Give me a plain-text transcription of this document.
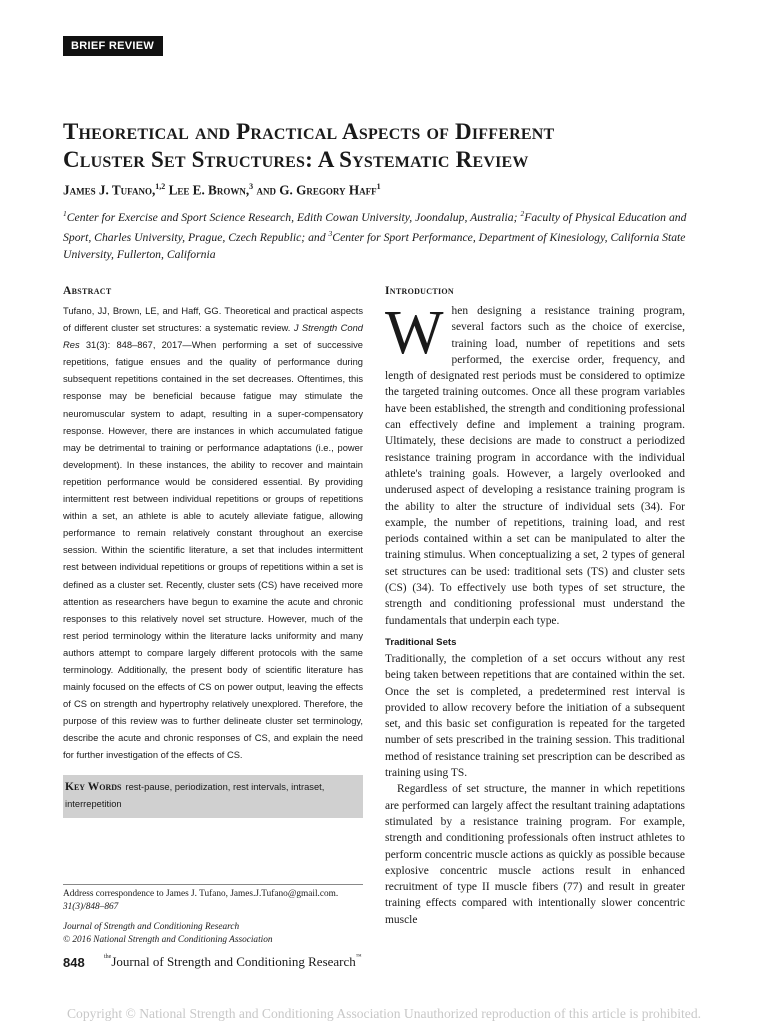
BRIEF REVIEW
Theoretical and Practical Aspects of Different
Cluster Set Structures: A Systematic Review
James J. Tufano,$^{1,2}$ Lee E. Brown,$^3$ and G. Gregory Haff$^1$
$^1$Center for Exercise and Sport Science Research, Edith Cowan University, Joondalup, Australia; $^2$Faculty of Physical Education and Sport, Charles University, Prague, Czech Republic; and $^3$Center for Sport Performance, Department of Kinesiology, California State University, Fullerton, California
Abstract

Tufano, JJ, Brown, LE, and Haff, GG. Theoretical and practical aspects of different cluster set structures: a systematic review. J Strength Cond Res 31(3): 848–867, 2017—When performing a set of successive repetitions, fatigue ensues and the quality of performance during subsequent repetitions contained in the set decreases. Oftentimes, this response may be beneficial because fatigue may stimulate the neuromuscular system to adapt, resulting in a super-compensatory response. However, there are instances in which accumulated fatigue may be detrimental to training or performance adaptations (i.e., power development). In these instances, the ability to recover and maintain repetition performance would be considered essential. By providing intermittent rest between individual repetitions or groups of repetitions within a set, an athlete is able to acutely alleviate fatigue, allowing performance to remain relatively constant throughout an exercise session. Within the scientific literature, a set that includes intermittent rest between individual repetitions or groups of repetitions within a set is defined as a cluster set. Recently, cluster sets (CS) have received more attention as researchers have begun to examine the acute and chronic responses to this relatively novel set structure. However, much of the rest period terminology within the literature lacks uniformity and many authors attempt to compare largely different protocols with the same terminology. Additionally, the present body of scientific literature has mainly focused on the effects of CS on power output, leaving the effects of CS on strength and hypertrophy relatively unexplored. Therefore, the purpose of this review was to further delineate cluster set terminology, describe the acute and chronic responses of CS, and explain the need for further investigation of the effects of CS.

Key Words rest-pause, periodization, rest intervals, intraset, interrepetition
Address correspondence to James J. Tufano, James.J.Tufano@gmail.com.
31(3)/848–867
Journal of Strength and Conditioning Research
© 2016 National Strength and Conditioning Association
Introduction

When designing a resistance training program, several factors such as the choice of exercise, training load, number of repetitions and sets performed, the exercise order, frequency, and length of designated rest periods must be considered to optimize the targeted training outcomes. Once all these program variables have been established, the strength and conditioning professional can effectively define and implement a training program. Ultimately, these decisions are made to construct a periodized resistance training program in accordance with the individual athlete's training goals. However, a largely overlooked and underused aspect of developing a resistance training program is the ability to alter the structure of individual sets (34). For example, the number of repetitions, training load, and rest periods contained within a set can be manipulated to alter the training stimulus. When conceptualizing a set, 2 types of general set structures can be used: traditional sets (TS) and cluster sets (CS) (34). To effectively use both types of set structure, the strength and conditioning professional must understand the fundamentals that underpin each type.

Traditional Sets

Traditionally, the completion of a set occurs without any rest being taken between repetitions that are contained within the set. Once the set is completed, a predetermined rest interval is provided to allow recovery before the initiation of a subsequent set, and this basic set configuration is repeated for the targeted number of sets prescribed in the training session. This traditional method of resistance training set prescription can be described as training using TS.

Regardless of set structure, the manner in which repetitions are performed can largely affect the resultant training adaptations stimulated by a resistance training program. For example, strength and conditioning professionals often instruct athletes to perform concentric muscle actions as quickly as possible because explosive concentric muscle actions result in enhanced recruitment of type II muscle fibers (77) and result in greater training effects compared with intentionally slower concentric muscle

848	$^{the}$Journal of Strength and Conditioning Research™
Copyright © National Strength and Conditioning Association Unauthorized reproduction of this article is prohibited.
